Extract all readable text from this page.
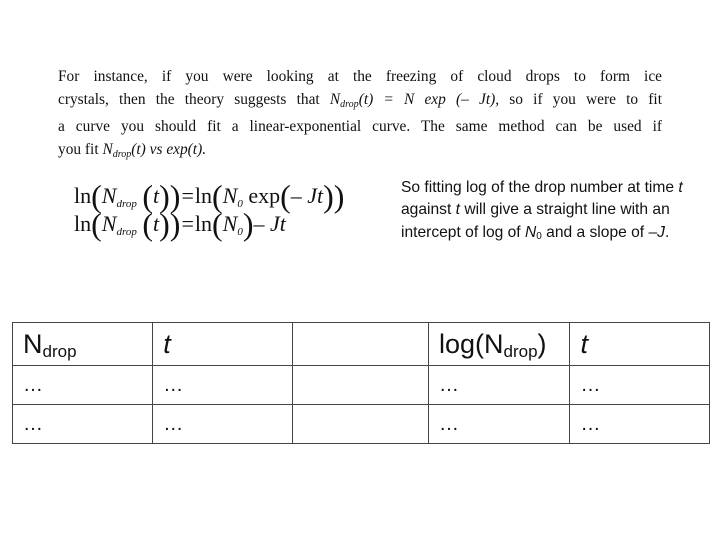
For instance, if you were looking at the freezing of cloud drops to form ice
crystals, then the theory suggests that $N_{drop}(t) = N$ exp (– Jt), so if you were to fit
a curve you should fit a linear-exponential curve. The same method can be used if
you fit $N_{drop}(t)$ vs exp(t).

ln(Ndrop (t))=ln(N0 exp(– Jt))
ln(Ndrop (t))=ln(N0)– Jt

So fitting log of the drop number at time t against t will give a straight line with an intercept of log of $N_0$ and a slope of –J.

$N_{drop}$	t		$\log(N_{drop})$	t
…	…		…	…
…	…		…	…
